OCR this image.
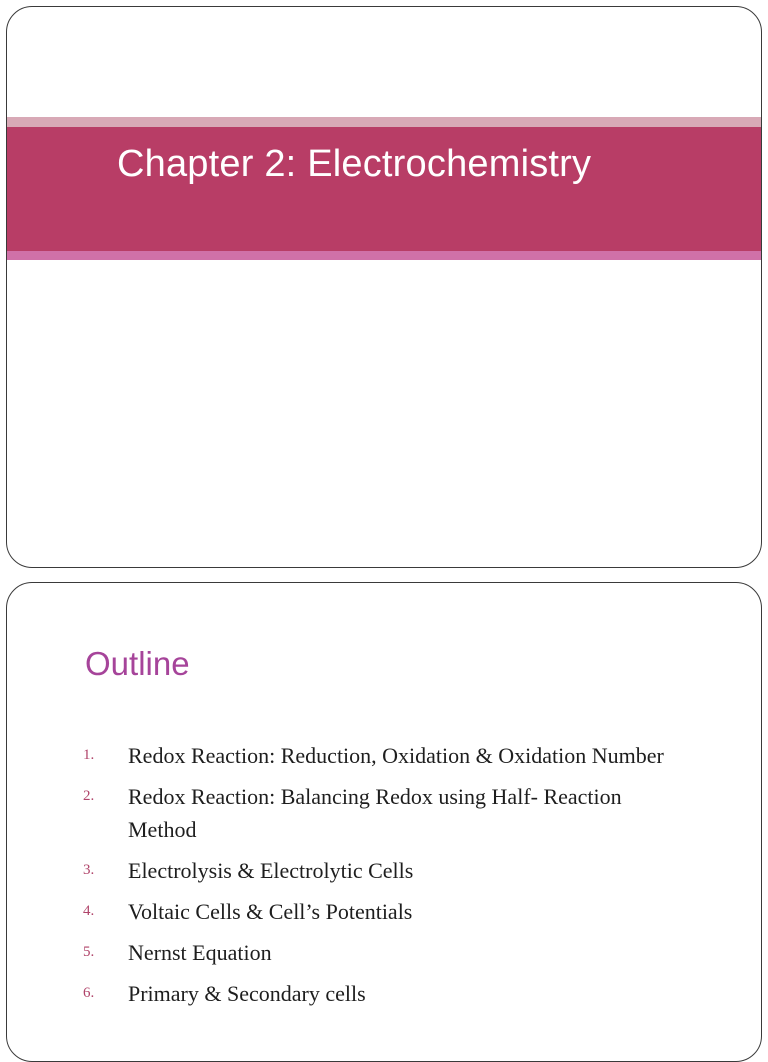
Chapter 2: Electrochemistry
Outline
1.	Redox Reaction: Reduction, Oxidation & Oxidation Number
2.	Redox Reaction: Balancing Redox using Half- Reaction Method
3.	Electrolysis & Electrolytic Cells
4.	Voltaic Cells & Cell’s Potentials
5.	Nernst Equation
6.	Primary & Secondary cells
